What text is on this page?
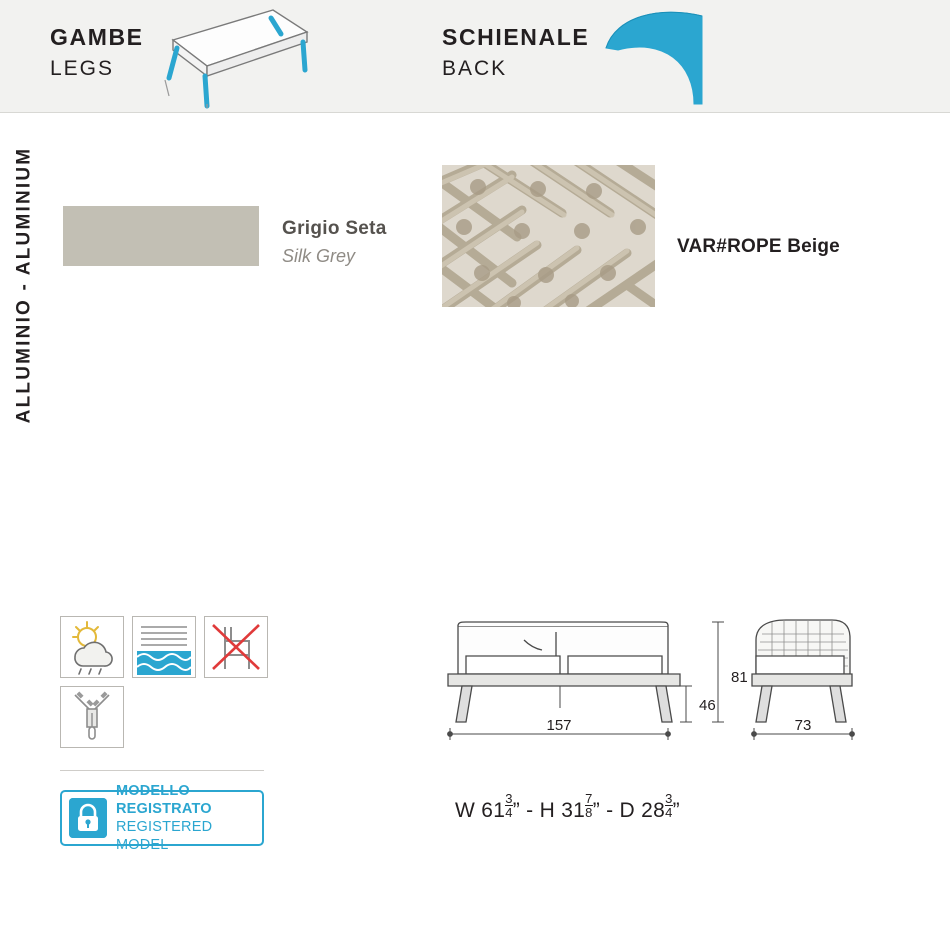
GAMBE
LEGS
SCHIENALE
BACK
ALLUMINIO - ALUMINIUM	Grigio Seta
Silk Grey	VAR#ROPE Beige
MODELLO REGISTRATO
REGISTERED MODEL
157
46
81
73
W $61 \frac{3}{4}$ ” - H $31 \frac{7}{8}$ ” - D $28 \frac{3}{4}$ ”
